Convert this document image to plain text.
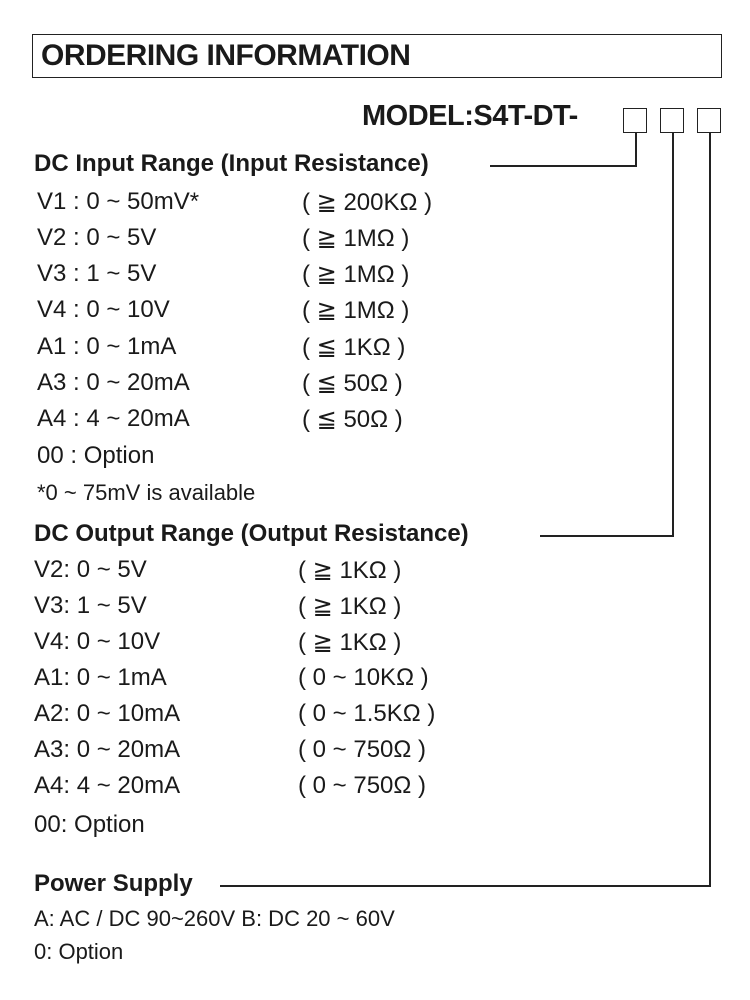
ORDERING INFORMATION
MODEL:S4T-DT-
DC Input Range (Input Resistance)
V1 : 0 ~ 50mV*	( ≧ 200KΩ )
V2 : 0 ~ 5V	( ≧ 1MΩ )
V3 : 1 ~ 5V	( ≧ 1MΩ )
V4 : 0 ~ 10V	( ≧ 1MΩ )
A1 : 0 ~ 1mA	( ≦ 1KΩ )
A3 : 0 ~ 20mA	( ≦ 50Ω )
A4 : 4 ~ 20mA	( ≦ 50Ω )
00 : Option
*0 ~ 75mV is available
DC Output Range (Output Resistance)
V2: 0 ~ 5V	( ≧ 1KΩ )
V3: 1 ~ 5V	( ≧ 1KΩ )
V4: 0 ~ 10V	( ≧ 1KΩ )
A1: 0 ~ 1mA	( 0 ~ 10KΩ )
A2: 0 ~ 10mA	( 0 ~ 1.5KΩ )
A3: 0 ~ 20mA	( 0 ~ 750Ω )
A4: 4 ~ 20mA	( 0 ~ 750Ω )
00: Option
Power Supply
A: AC / DC 90~260V B: DC 20 ~ 60V
0: Option
